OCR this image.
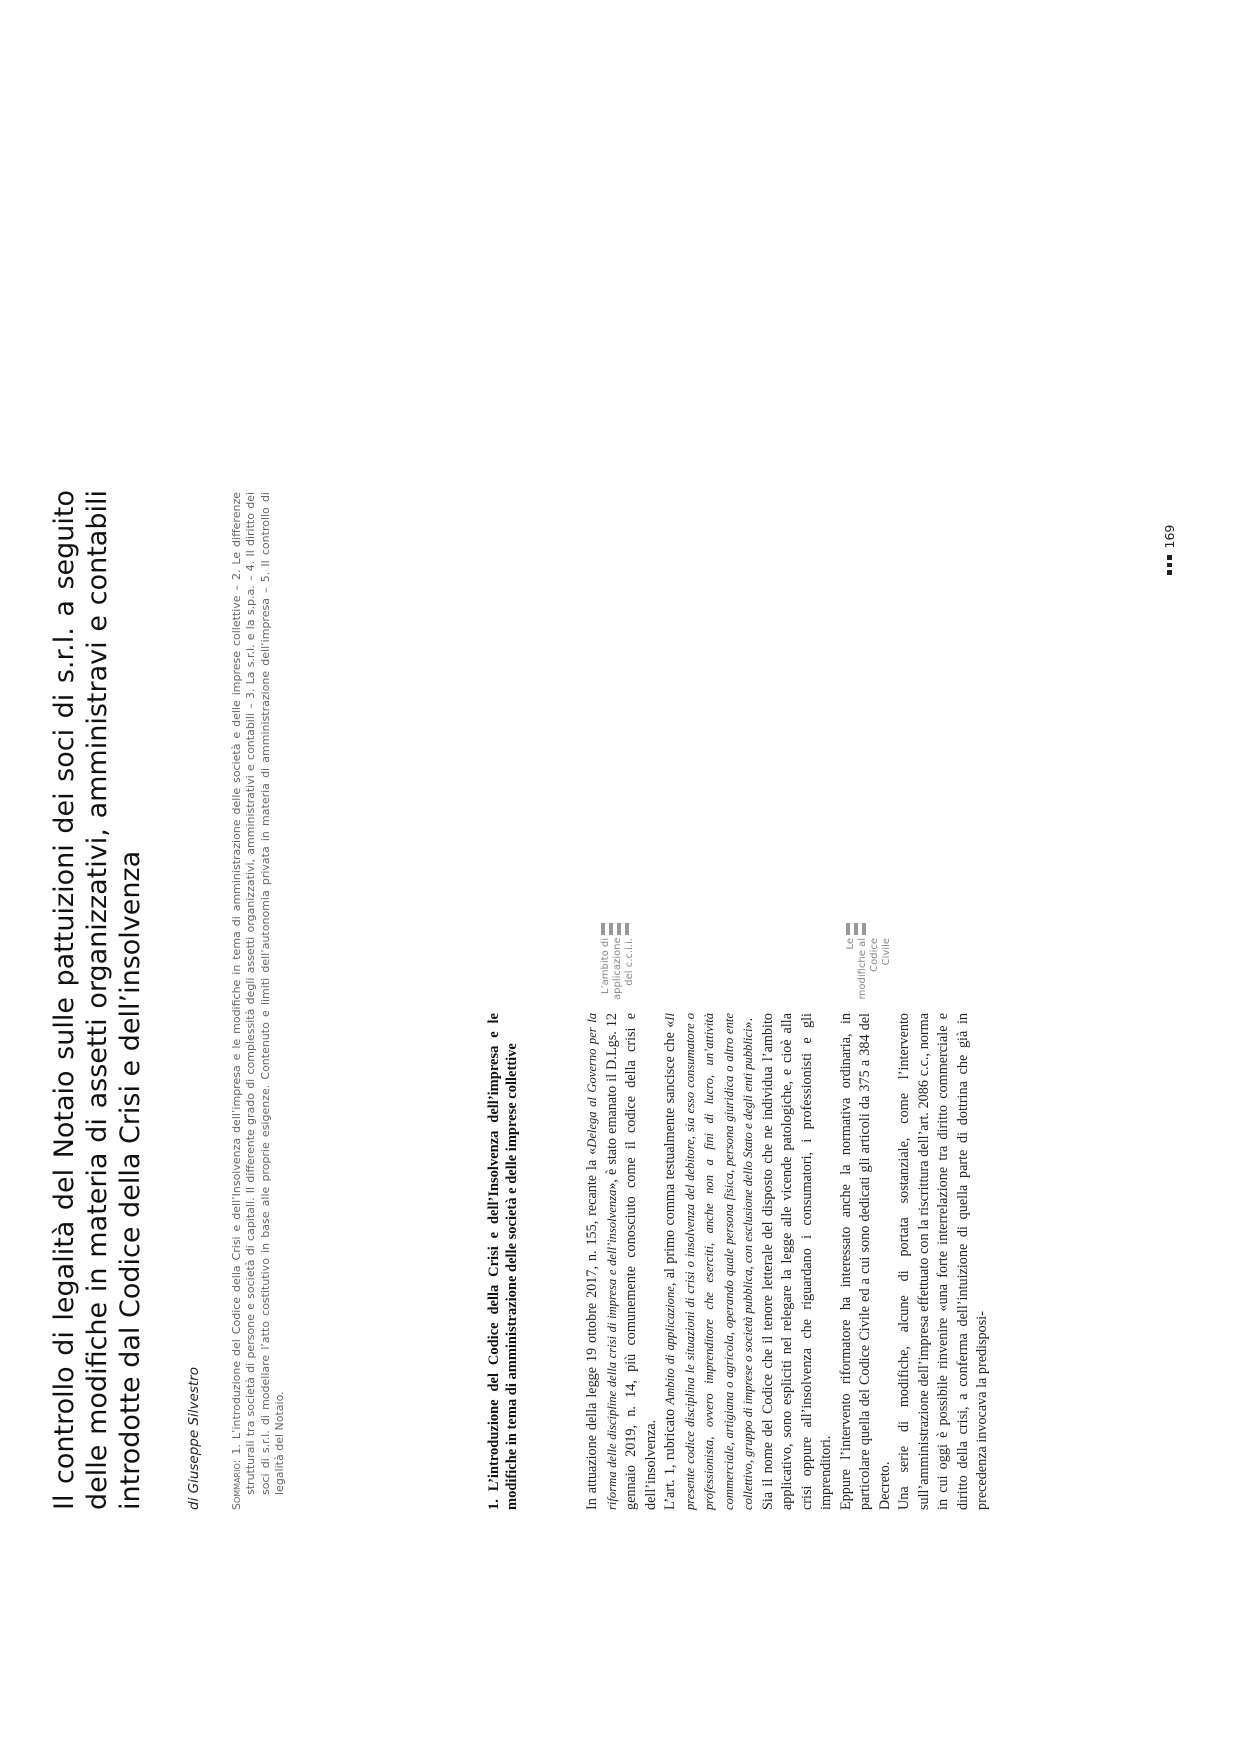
Il controllo di legalità del Notaio sulle pattuizioni dei soci di s.r.l. a seguito delle modifiche in materia di assetti organizzativi, amministravi e contabili introdotte dal Codice della Crisi e dell’insolvenza	di Giuseppe Silvestro	Sommario: 1. L’introduzione del Codice della Crisi e dell’Insolvenza dell’impresa e le modifiche in tema di amministrazione delle società e delle imprese collettive – 2. Le differenze strutturali tra società di persone e società di capitali. Il differente grado di complessità degli assetti organizzativi, amministrativi e contabili – 3. La s.r.l. e la s.p.a. – 4. Il diritto dei soci di s.r.l. di modellare l’atto costitutivo in base alle proprie esigenze. Contenuto e limiti dell’autonomia privata in materia di amministrazione dell’impresa – 5. Il controllo di legalità del Notaio.	1. L’introduzione del Codice della Crisi e dell’Insolvenza dell’impresa e le modifiche in tema di amministrazione delle società e delle imprese collettive	In attuazione della legge 19 ottobre 2017, n. 155, recante la «Delega al Governo per la riforma delle discipline della crisi di impresa e dell’insolvenza», è stato emanato il D.Lgs. 12 gennaio 2019, n. 14, più comunemente conosciuto come il codice della crisi e dell’insolvenza. L’art. 1, rubricato Ambito di applicazione, al primo comma testualmente sancisce che «Il presente codice disciplina le situazioni di crisi o insolvenza del debitore, sia esso consumatore o professionista, ovvero imprenditore che eserciti, anche non a fini di lucro, un’attività commerciale, artigiana o agricola, operando quale persona fisica, persona giuridica o altro ente collettivo, gruppo di imprese o società pubblica, con esclusione dello Stato e degli enti pubblici». Sia il nome del Codice che il tenore letterale del disposto che ne individua l’ambito applicativo, sono espliciti nel relegare la legge alle vicende patologiche, e cioè alla crisi oppure all’insolvenza che riguardano i consumatori, i professionisti e gli imprenditori. Eppure l’intervento riformatore ha interessato anche la normativa ordinaria, in particolare quella del Codice Civile ed a cui sono dedicati gli articoli da 375 a 384 del Decreto. Una serie di modifiche, alcune di portata sostanziale, come l’intervento sull’amministrazione dell’impresa effettuato con la riscrittura dell’art. 2086 c.c., norma in cui oggi è possibile rinvenire «una forte interrelazione tra diritto commerciale e diritto della crisi, a conferma dell’intuizione di quella parte di dottrina che già in precedenza invocava la predisposi-

L’ambito di applicazione del c.c.i.i.	Le modifiche al Codice Civile
169
